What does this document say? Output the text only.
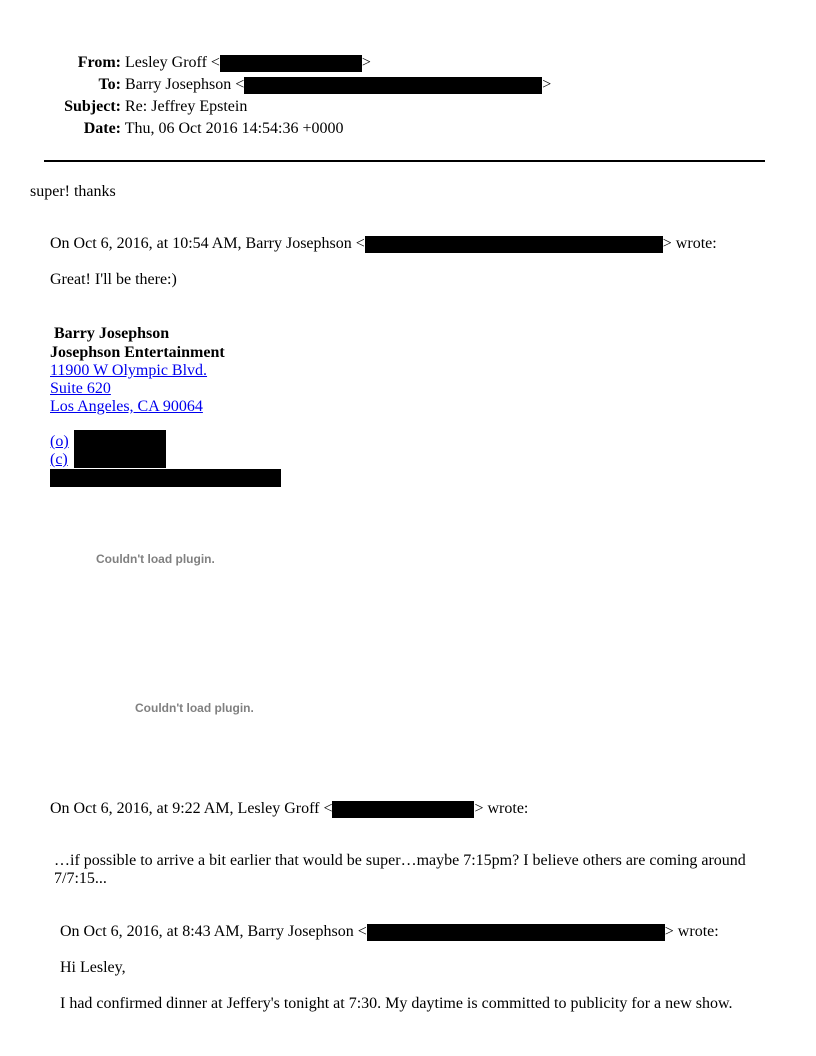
From: Lesley Groff <	>
To: Barry Josephson <	>
Subject: Re: Jeffrey Epstein
Date: Thu, 06 Oct 2016 14:54:36 +0000
super! thanks
On Oct 6, 2016, at 10:54 AM, Barry Josephson <	> wrote:
Great! I'll be there:)
Barry Josephson
Josephson Entertainment
11900 W Olympic Blvd.
Suite 620
Los Angeles, CA 90064
(o)
(c)
Couldn't load plugin.
Couldn't load plugin.
On Oct 6, 2016, at 9:22 AM, Lesley Groff <	> wrote:
…if possible to arrive a bit earlier that would be super…maybe 7:15pm? I believe others are coming around
7/7:15...
On Oct 6, 2016, at 8:43 AM, Barry Josephson <	> wrote:
Hi Lesley,
I had confirmed dinner at Jeffery's tonight at 7:30. My daytime is committed to publicity for a new show.
